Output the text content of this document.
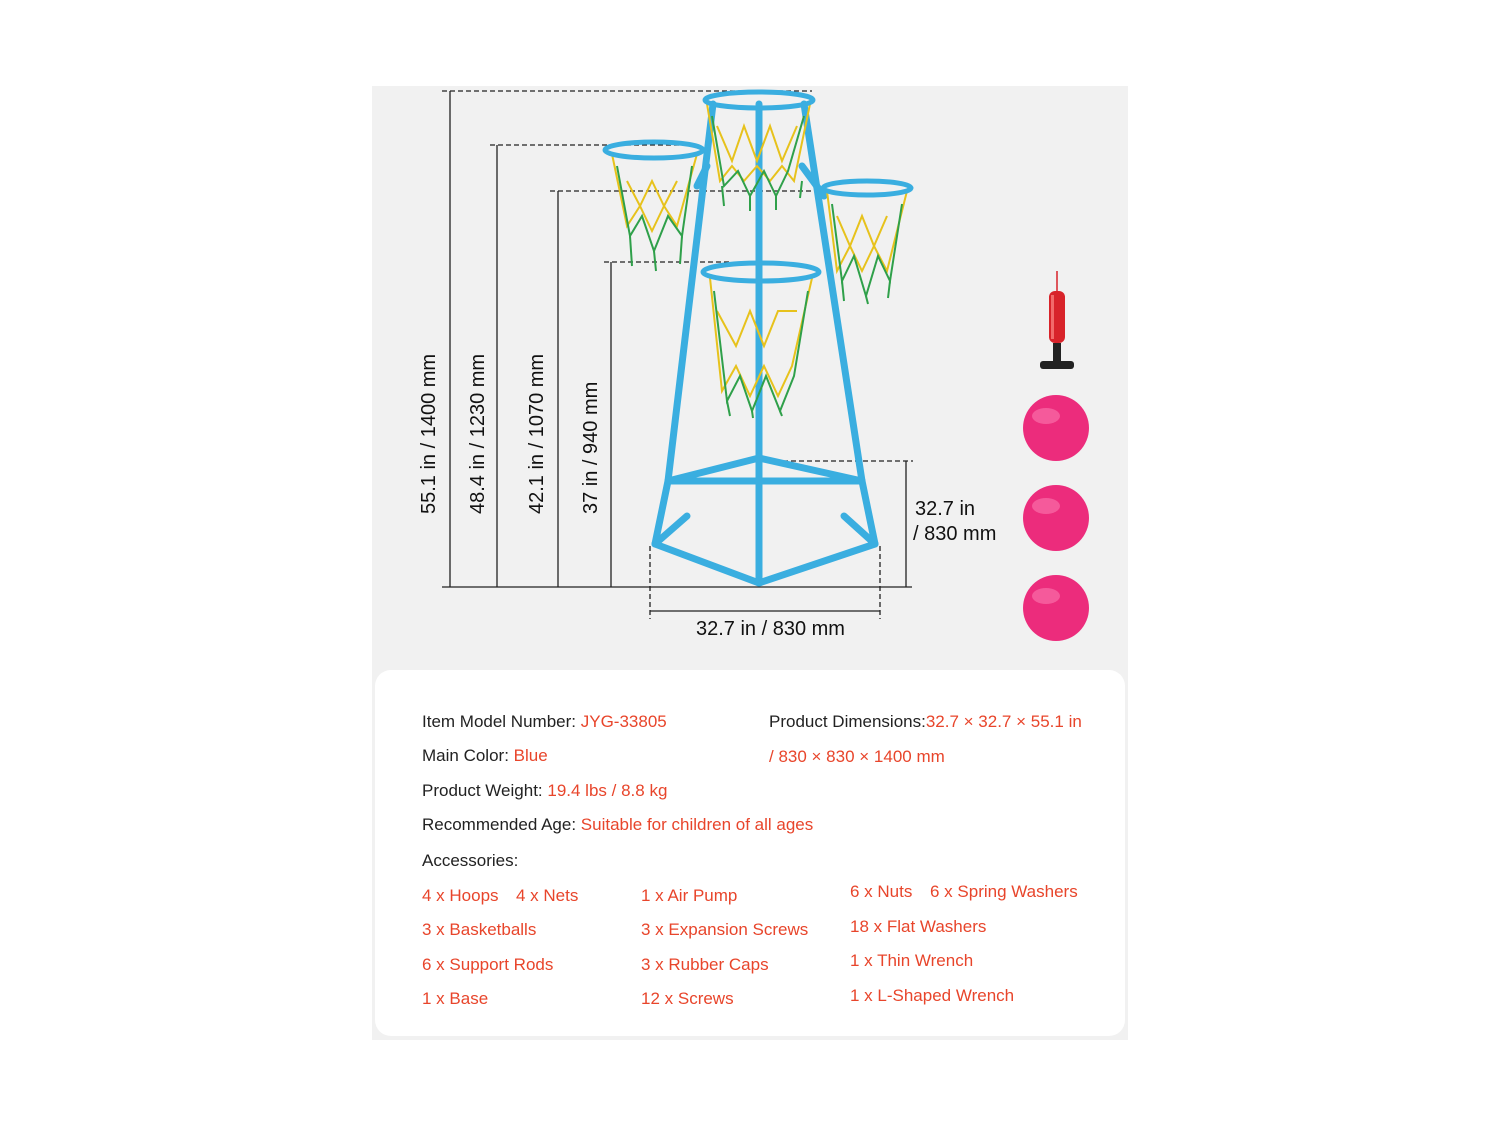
55.1 in / 1400 mm 48.4 in / 1230 mm 42.1 in / 1070 mm 37 in / 940 mm	32.7 in
/ 830 mm
32.7 in / 830 mm
Item Model Number: JYG-33805
Main Color: Blue
Product Weight: 19.4 lbs / 8.8 kg
Recommended Age: Suitable for children of all ages
Product Dimensions:32.7 × 32.7 × 55.1 in
/ 830 × 830 × 1400 mm
Accessories:
4 x Hoops 4 x Nets
3 x Basketballs
6 x Support Rods
1 x Base
1 x Air Pump
3 x Expansion Screws
3 x Rubber Caps
12 x Screws
6 x Nuts 6 x Spring Washers
18 x Flat Washers
1 x Thin Wrench
1 x L-Shaped Wrench
